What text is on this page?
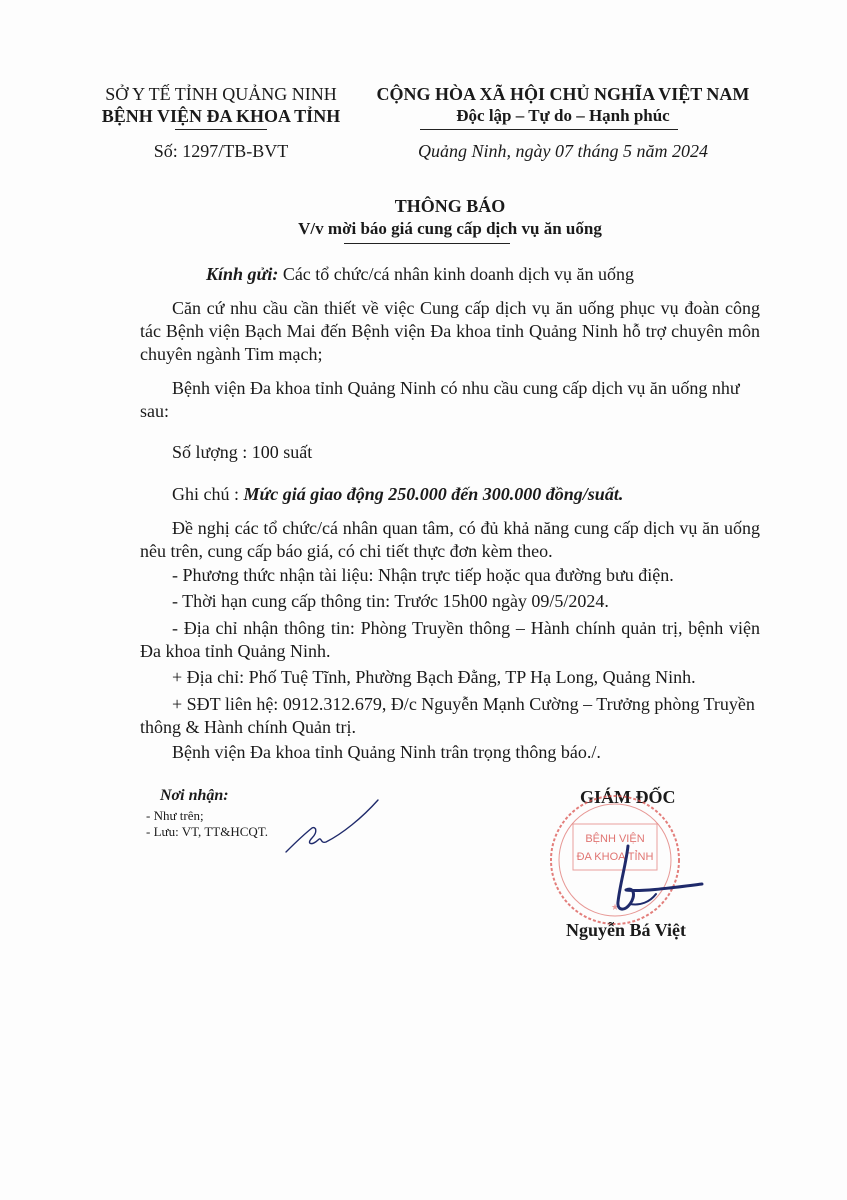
SỞ Y TẾ TỈNH QUẢNG NINH
BỆNH VIỆN ĐA KHOA TỈNH
Số: 1297/TB-BVT
CỘNG HÒA XÃ HỘI CHỦ NGHĨA VIỆT NAM
Độc lập – Tự do – Hạnh phúc
Quảng Ninh, ngày 07 tháng 5 năm 2024
THÔNG BÁO
V/v mời báo giá cung cấp dịch vụ ăn uống
Kính gửi: Các tổ chức/cá nhân kinh doanh dịch vụ ăn uống
Căn cứ nhu cầu cần thiết về việc Cung cấp dịch vụ ăn uống phục vụ đoàn công tác Bệnh viện Bạch Mai đến Bệnh viện Đa khoa tỉnh Quảng Ninh hỗ trợ chuyên môn chuyên ngành Tim mạch;
Bệnh viện Đa khoa tỉnh Quảng Ninh có nhu cầu cung cấp dịch vụ ăn uống như sau:
Số lượng : 100 suất
Ghi chú : Mức giá giao động 250.000 đến 300.000 đồng/suất.
Đề nghị các tổ chức/cá nhân quan tâm, có đủ khả năng cung cấp dịch vụ ăn uống nêu trên, cung cấp báo giá, có chi tiết thực đơn kèm theo.
- Phương thức nhận tài liệu: Nhận trực tiếp hoặc qua đường bưu điện.
- Thời hạn cung cấp thông tin: Trước 15h00 ngày 09/5/2024.
- Địa chỉ nhận thông tin: Phòng Truyền thông – Hành chính quản trị, bệnh viện Đa khoa tỉnh Quảng Ninh.
+ Địa chỉ: Phố Tuệ Tĩnh, Phường Bạch Đằng, TP Hạ Long, Quảng Ninh.
+ SĐT liên hệ: 0912.312.679, Đ/c Nguyễn Mạnh Cường – Trưởng phòng Truyền thông & Hành chính Quản trị.
Bệnh viện Đa khoa tỉnh Quảng Ninh trân trọng thông báo./.
Nơi nhận:
- Như trên;
- Lưu: VT, TT&HCQT.
GIÁM ĐỐC
BỆNH VIỆN
ĐA KHOA TỈNH
★
Nguyễn Bá Việt
